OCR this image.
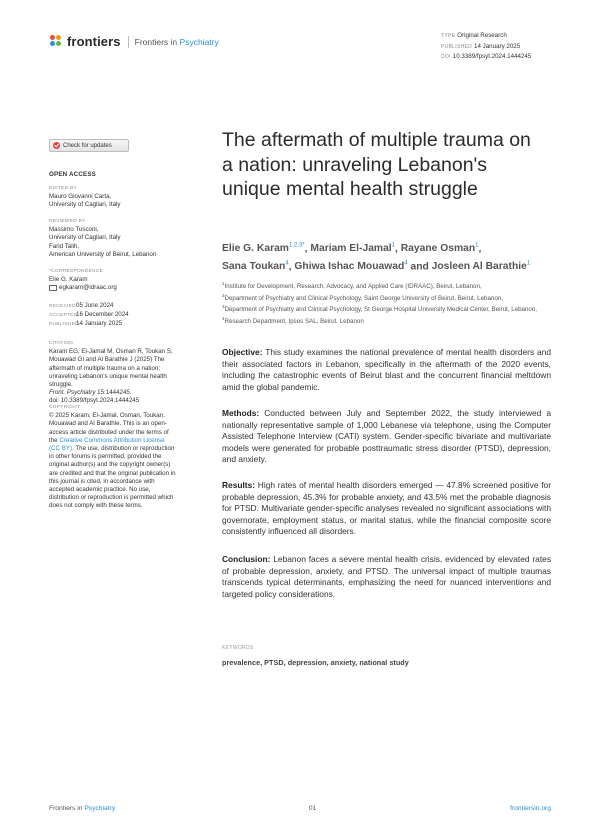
frontiers Frontiers in Psychiatry
TYPE Original Research
PUBLISHED 14 January 2025
DOI 10.3389/fpsyt.2024.1444245
Check for updates
OPEN ACCESS
EDITED BY
Mauro Giovanni Carta,
University of Cagliari, Italy
REVIEWED BY
Massimo Tusconi,
University of Cagliari, Italy
Farid Talih,
American University of Beirut, Lebanon
*CORRESPONDENCE
Elie G. Karam
egkaram@idraac.org
RECEIVED05 June 2024
ACCEPTED16 December 2024
PUBLISHED14 January 2025
CITATION
Karam EG, El-Jamal M, Osman R, Toukan S, Mouawad GI and Al Barathie J (2025) The aftermath of multiple trauma on a nation: unraveling Lebanon's unique mental health struggle.
Front. Psychiatry 15:1444245.
doi: 10.3389/fpsyt.2024.1444245
COPYRIGHT
© 2025 Karam, El-Jamal, Osman, Toukan, Mouawad and Al Barathie. This is an open-access article distributed under the terms of the Creative Commons Attribution License (CC BY). The use, distribution or reproduction in other forums is permitted, provided the original author(s) and the copyright owner(s) are credited and that the original publication in this journal is cited, in accordance with accepted academic practice. No use, distribution or reproduction is permitted which does not comply with these terms.
The aftermath of multiple trauma on a nation: unraveling Lebanon's unique mental health struggle
Elie G. Karam$^{1,2,3*}$, Mariam El-Jamal$^1$, Rayane Osman$^1$,
Sana Toukan$^4$, Ghiwa Ishac Mouawad$^4$ and Josleen Al Barathie$^1$
$^1$Institute for Development, Research, Advocacy, and Applied Care (IDRAAC), Beirut, Lebanon,
$^2$Department of Psychiatry and Clinical Psychology, Saint George University of Beirut, Beirut, Lebanon,
$^3$Department of Psychiatry and Clinical Psychology, St George Hospital University Medical Center, Beirut, Lebanon, $^4$Research Department, Ipsos SAL, Beirut, Lebanon

Objective: This study examines the national prevalence of mental health disorders and their associated factors in Lebanon, specifically in the aftermath of the 2020 events, including the catastrophic events of Beirut blast and the concurrent financial meltdown amid the global pandemic.

Methods: Conducted between July and September 2022, the study interviewed a nationally representative sample of 1,000 Lebanese via telephone, using the Computer Assisted Telephone Interview (CATI) system. Gender-specific bivariate and multivariate models were generated for probable posttraumatic stress disorder (PTSD), depression, and anxiety.

Results: High rates of mental health disorders emerged — 47.8% screened positive for probable depression, 45.3% for probable anxiety, and 43.5% met the probable diagnosis for PTSD. Multivariate gender-specific analyses revealed no significant associations with governorate, employment status, or marital status, while the financial composite score consistently influenced all disorders.

Conclusion: Lebanon faces a severe mental health crisis, evidenced by elevated rates of probable depression, anxiety, and PTSD. The universal impact of multiple traumas transcends typical determinants, emphasizing the need for nuanced interventions and targeted policy considerations.

KEYWORDS
prevalence, PTSD, depression, anxiety, national study
Frontiers in Psychiatry	01	frontiersin.org
